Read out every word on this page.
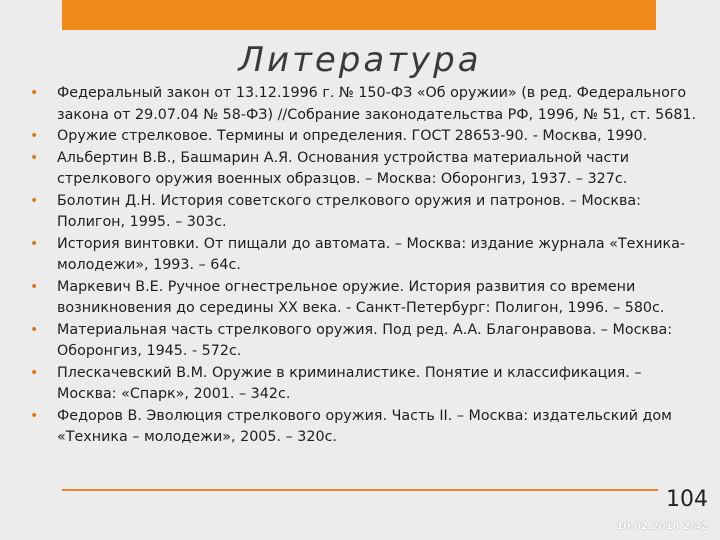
Литература
• Федеральный закон от 13.12.1996 г. № 150-ФЗ «Об оружии» (в ред. Федерального закона от 29.07.04 № 58-ФЗ) //Собрание законодательства РФ, 1996, № 51, ст. 5681.
• Оружие стрелковое. Термины и определения. ГОСТ 28653-90. - Москва, 1990.
• Альбертин В.В., Башмарин А.Я. Основания устройства материальной части стрелкового оружия военных образцов. – Москва: Оборонгиз, 1937. – 327с.
• Болотин Д.Н. История советского стрелкового оружия и патронов. – Москва: Полигон, 1995. – 303с.
• История винтовки. От пищали до автомата. – Москва: издание журнала «Техника-молодежи», 1993. – 64с.
• Маркевич В.Е. Ручное огнестрельное оружие. История развития со времени возникновения до середины XX века. - Санкт-Петербург: Полигон, 1996. – 580с.
• Материальная часть стрелкового оружия. Под ред. А.А. Благонравова. – Москва: Оборонгиз, 1945. - 572с.
• Плескачевский В.М. Оружие в криминалистике. Понятие и классификация. – Москва: «Спарк», 2001. – 342с.
• Федоров В. Эволюция стрелкового оружия. Часть II. – Москва: издательский дом «Техника – молодежи», 2005. – 320с.
104
10.02.2018 2:42
